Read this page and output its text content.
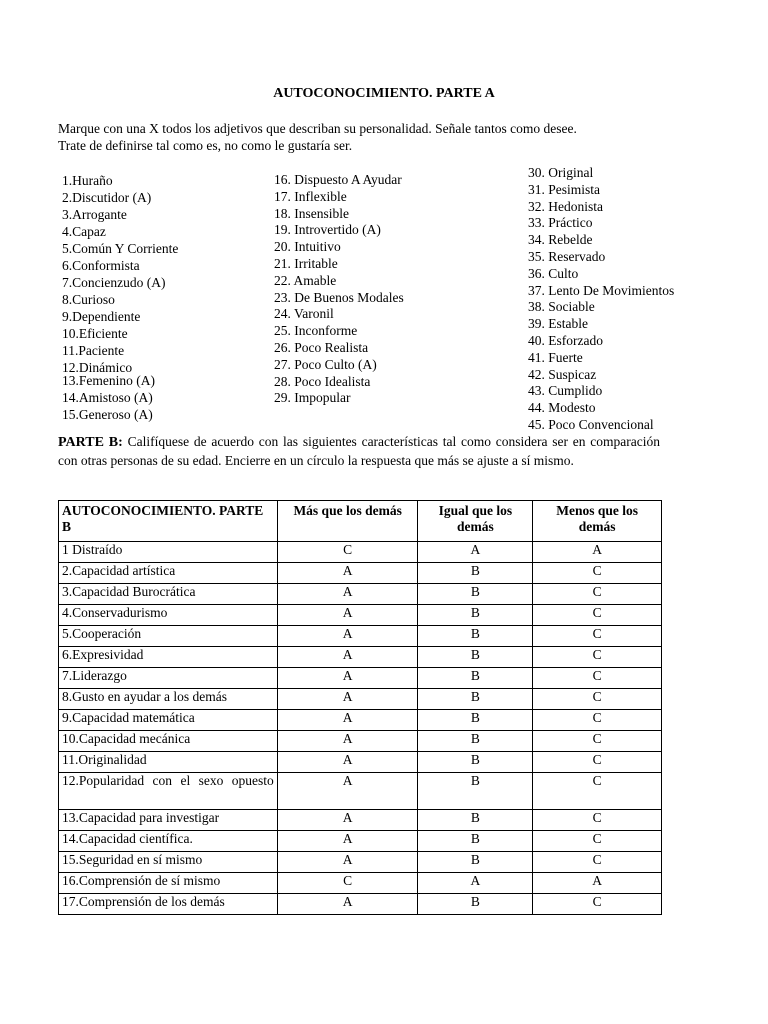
AUTOCONOCIMIENTO. PARTE A
Marque con una X todos los adjetivos que describan su personalidad. Señale tantos como desee.
Trate de definirse tal como es, no como le gustaría ser.
1.Huraño
2.Discutidor (A)
3.Arrogante
4.Capaz
5.Común Y Corriente
6.Conformista
7.Concienzudo (A)
8.Curioso
9.Dependiente
10.Eficiente
11.Paciente
12.Dinámico
13.Femenino (A)
14.Amistoso (A)
15.Generoso (A)
16. Dispuesto A Ayudar
17. Inflexible
18. Insensible
19. Introvertido (A)
20. Intuitivo
21. Irritable
22. Amable
23. De Buenos Modales
24. Varonil
25. Inconforme
26. Poco Realista
27. Poco Culto (A)
28. Poco Idealista
29. Impopular
30. Original
31. Pesimista
32. Hedonista
33. Práctico
34. Rebelde
35. Reservado
36. Culto
37. Lento De Movimientos
38. Sociable
39. Estable
40. Esforzado
41. Fuerte
42. Suspicaz
43. Cumplido
44. Modesto
45. Poco Convencional
PARTE B: Califíquese de acuerdo con las siguientes características tal como considera ser en comparación con otras personas de su edad. Encierre en un círculo la respuesta que más se ajuste a sí mismo.
AUTOCONOCIMIENTO. PARTE B	Más que los demás	Igual que los demás	Menos que los demás
1 Distraído	C	A	A
2.Capacidad artística	A	B	C
3.Capacidad Burocrática	A	B	C
4.Conservadurismo	A	B	C
5.Cooperación	A	B	C
6.Expresividad	A	B	C
7.Liderazgo	A	B	C
8.Gusto en ayudar a los demás	A	B	C
9.Capacidad matemática	A	B	C
10.Capacidad mecánica	A	B	C
11.Originalidad	A	B	C

12.Popularidad con el sexo opuesto	A	B	C
13.Capacidad para investigar	A	B	C
14.Capacidad científica.	A	B	C
15.Seguridad en sí mismo	A	B	C
16.Comprensión de sí mismo	C	A	A
17.Comprensión de los demás	A	B	C
